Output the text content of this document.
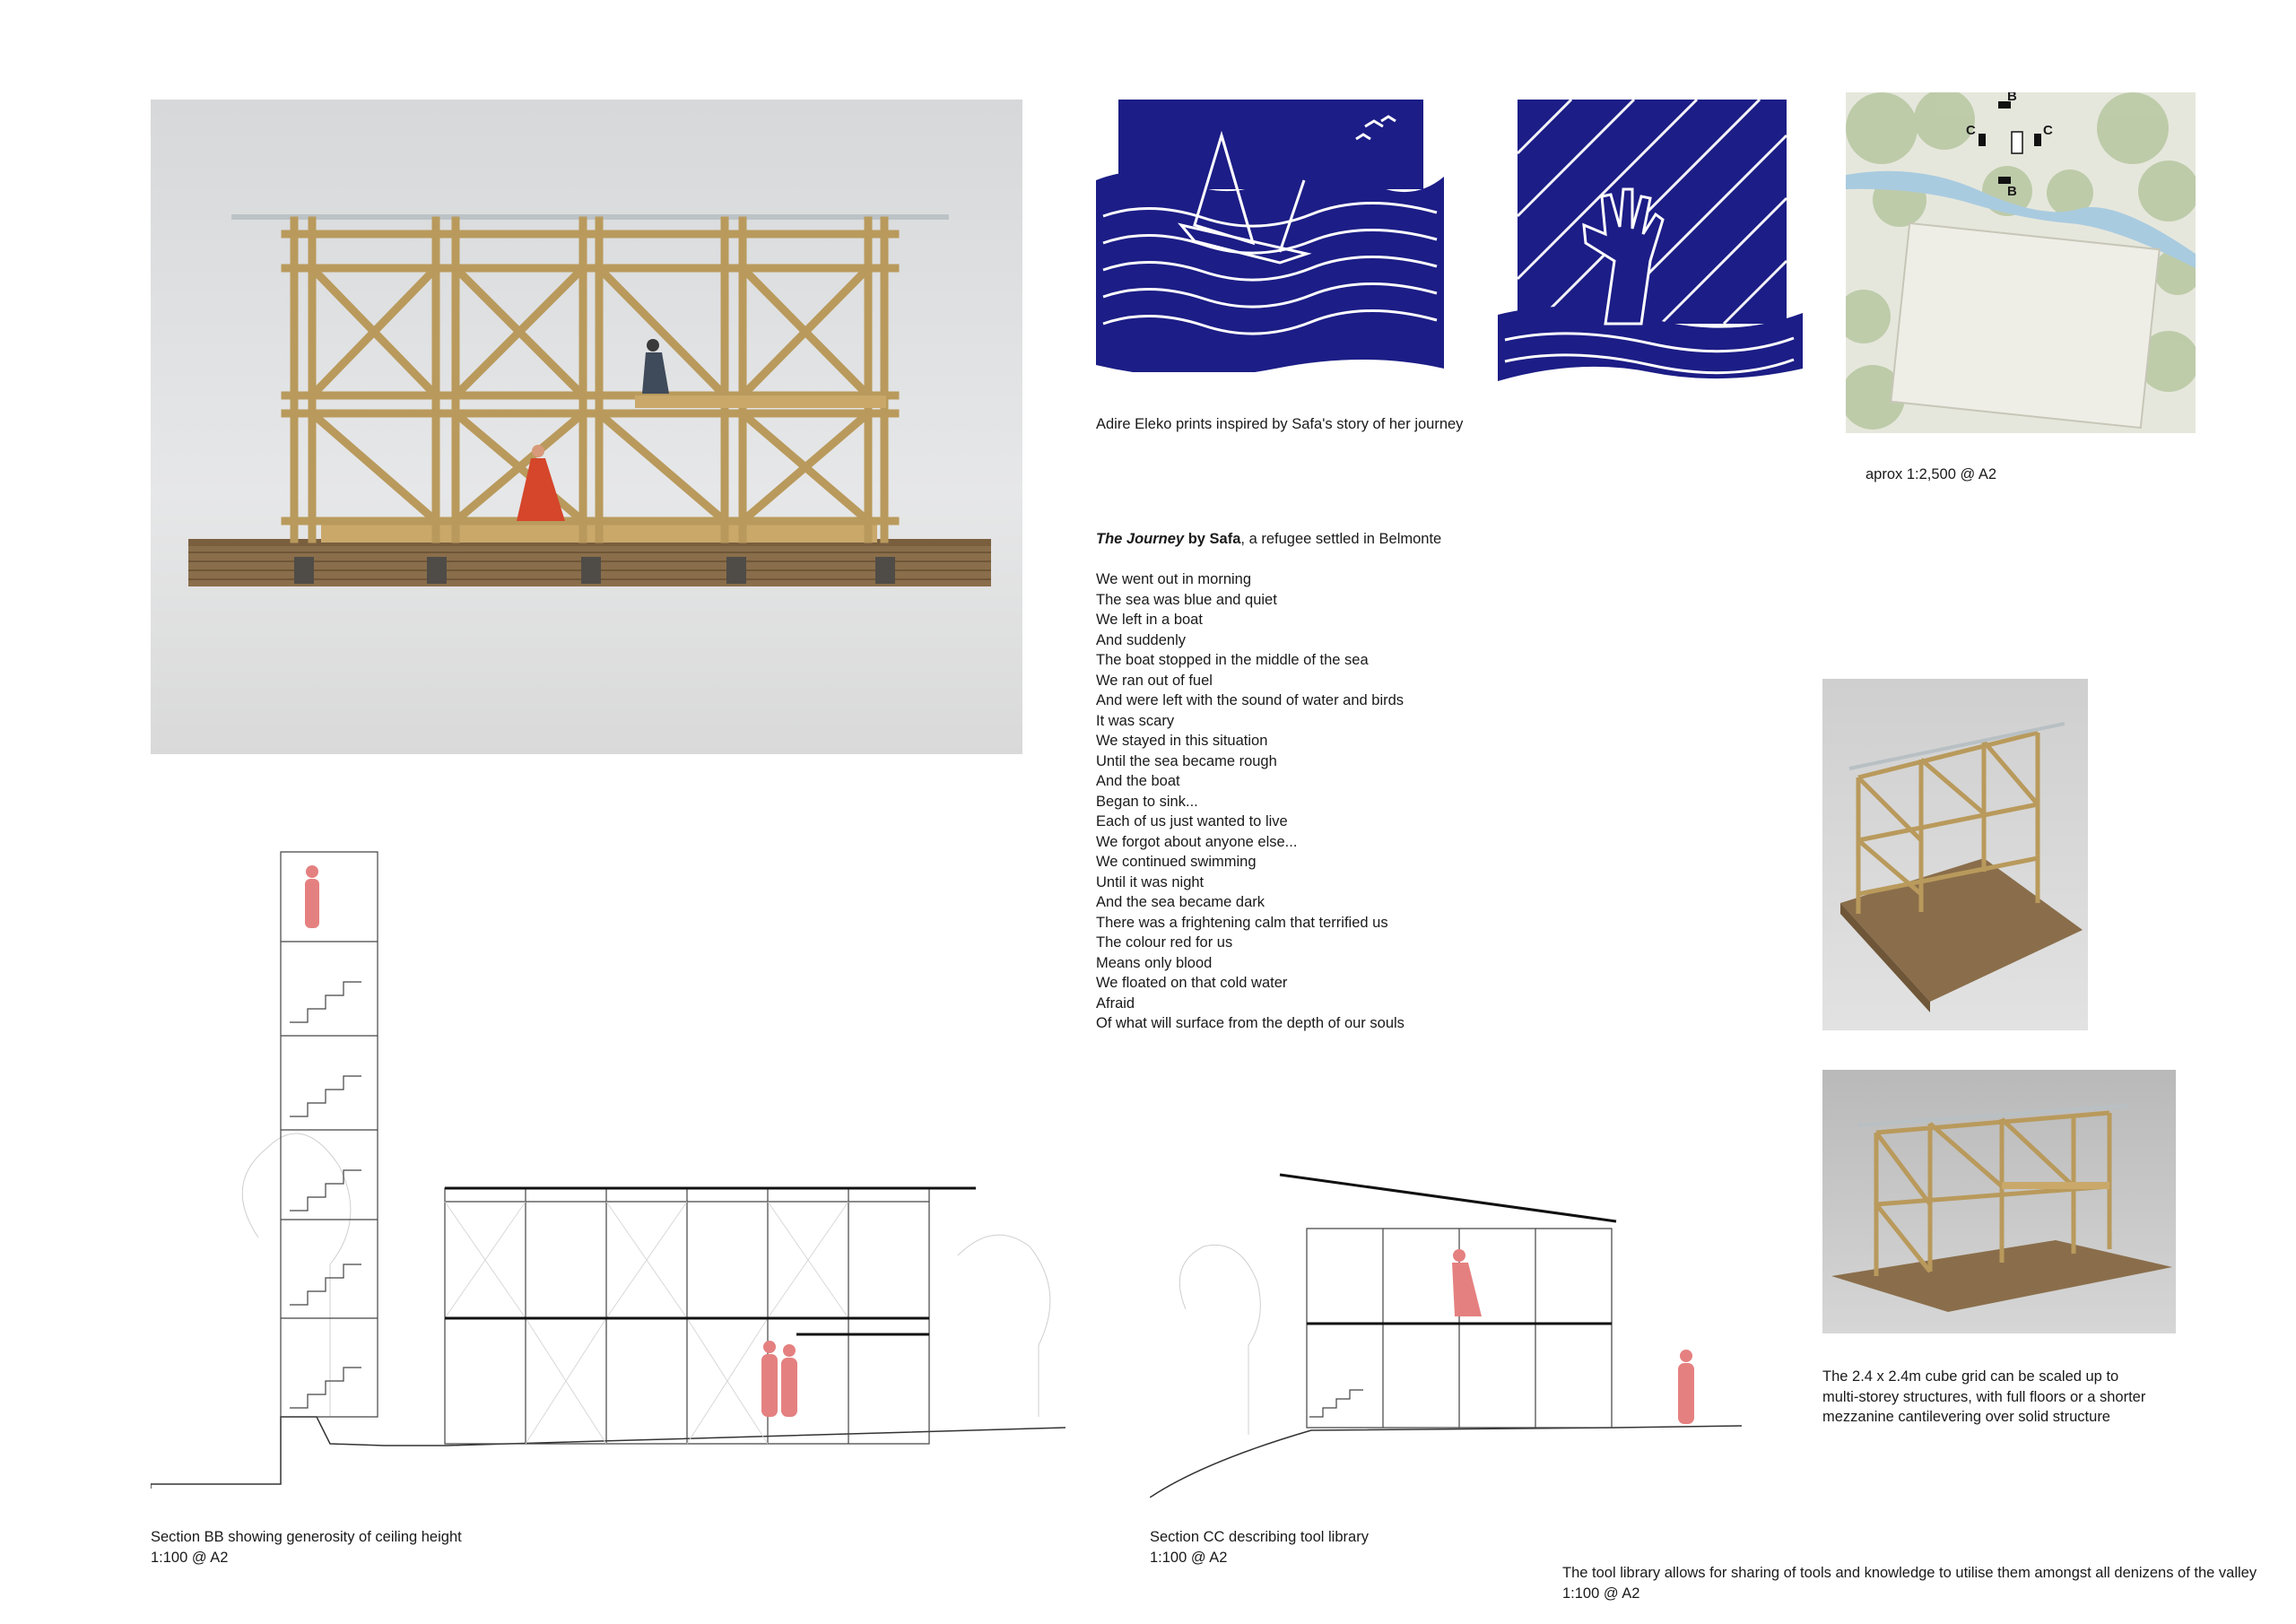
B
B
C	C
Adire Eleko prints inspired by Safa's story of her journey
aprox 1:2,500 @ A2
The Journey by Safa, a refugee settled in Belmonte
We went out in morning
The sea was blue and quiet
We left in a boat
And suddenly
The boat stopped in the middle of the sea
We ran out of fuel
And were left with the sound of water and birds
It was scary
We stayed in this situation
Until the sea became rough
And the boat
Began to sink...
Each of us just wanted to live
We forgot about anyone else...
We continued swimming
Until it was night
And the sea became dark
There was a frightening calm that terrified us
The colour red for us
Means only blood
We floated on that cold water
Afraid
Of what will surface from the depth of our souls
The 2.4 x 2.4m cube grid can be scaled up to
multi-storey structures, with full floors or a shorter
mezzanine cantilevering over solid structure
Section BB showing generosity of ceiling height
1:100 @ A2
Section CC describing tool library
1:100 @ A2
The tool library allows for sharing of tools and knowledge to utilise them amongst all denizens of the valley
1:100 @ A2
